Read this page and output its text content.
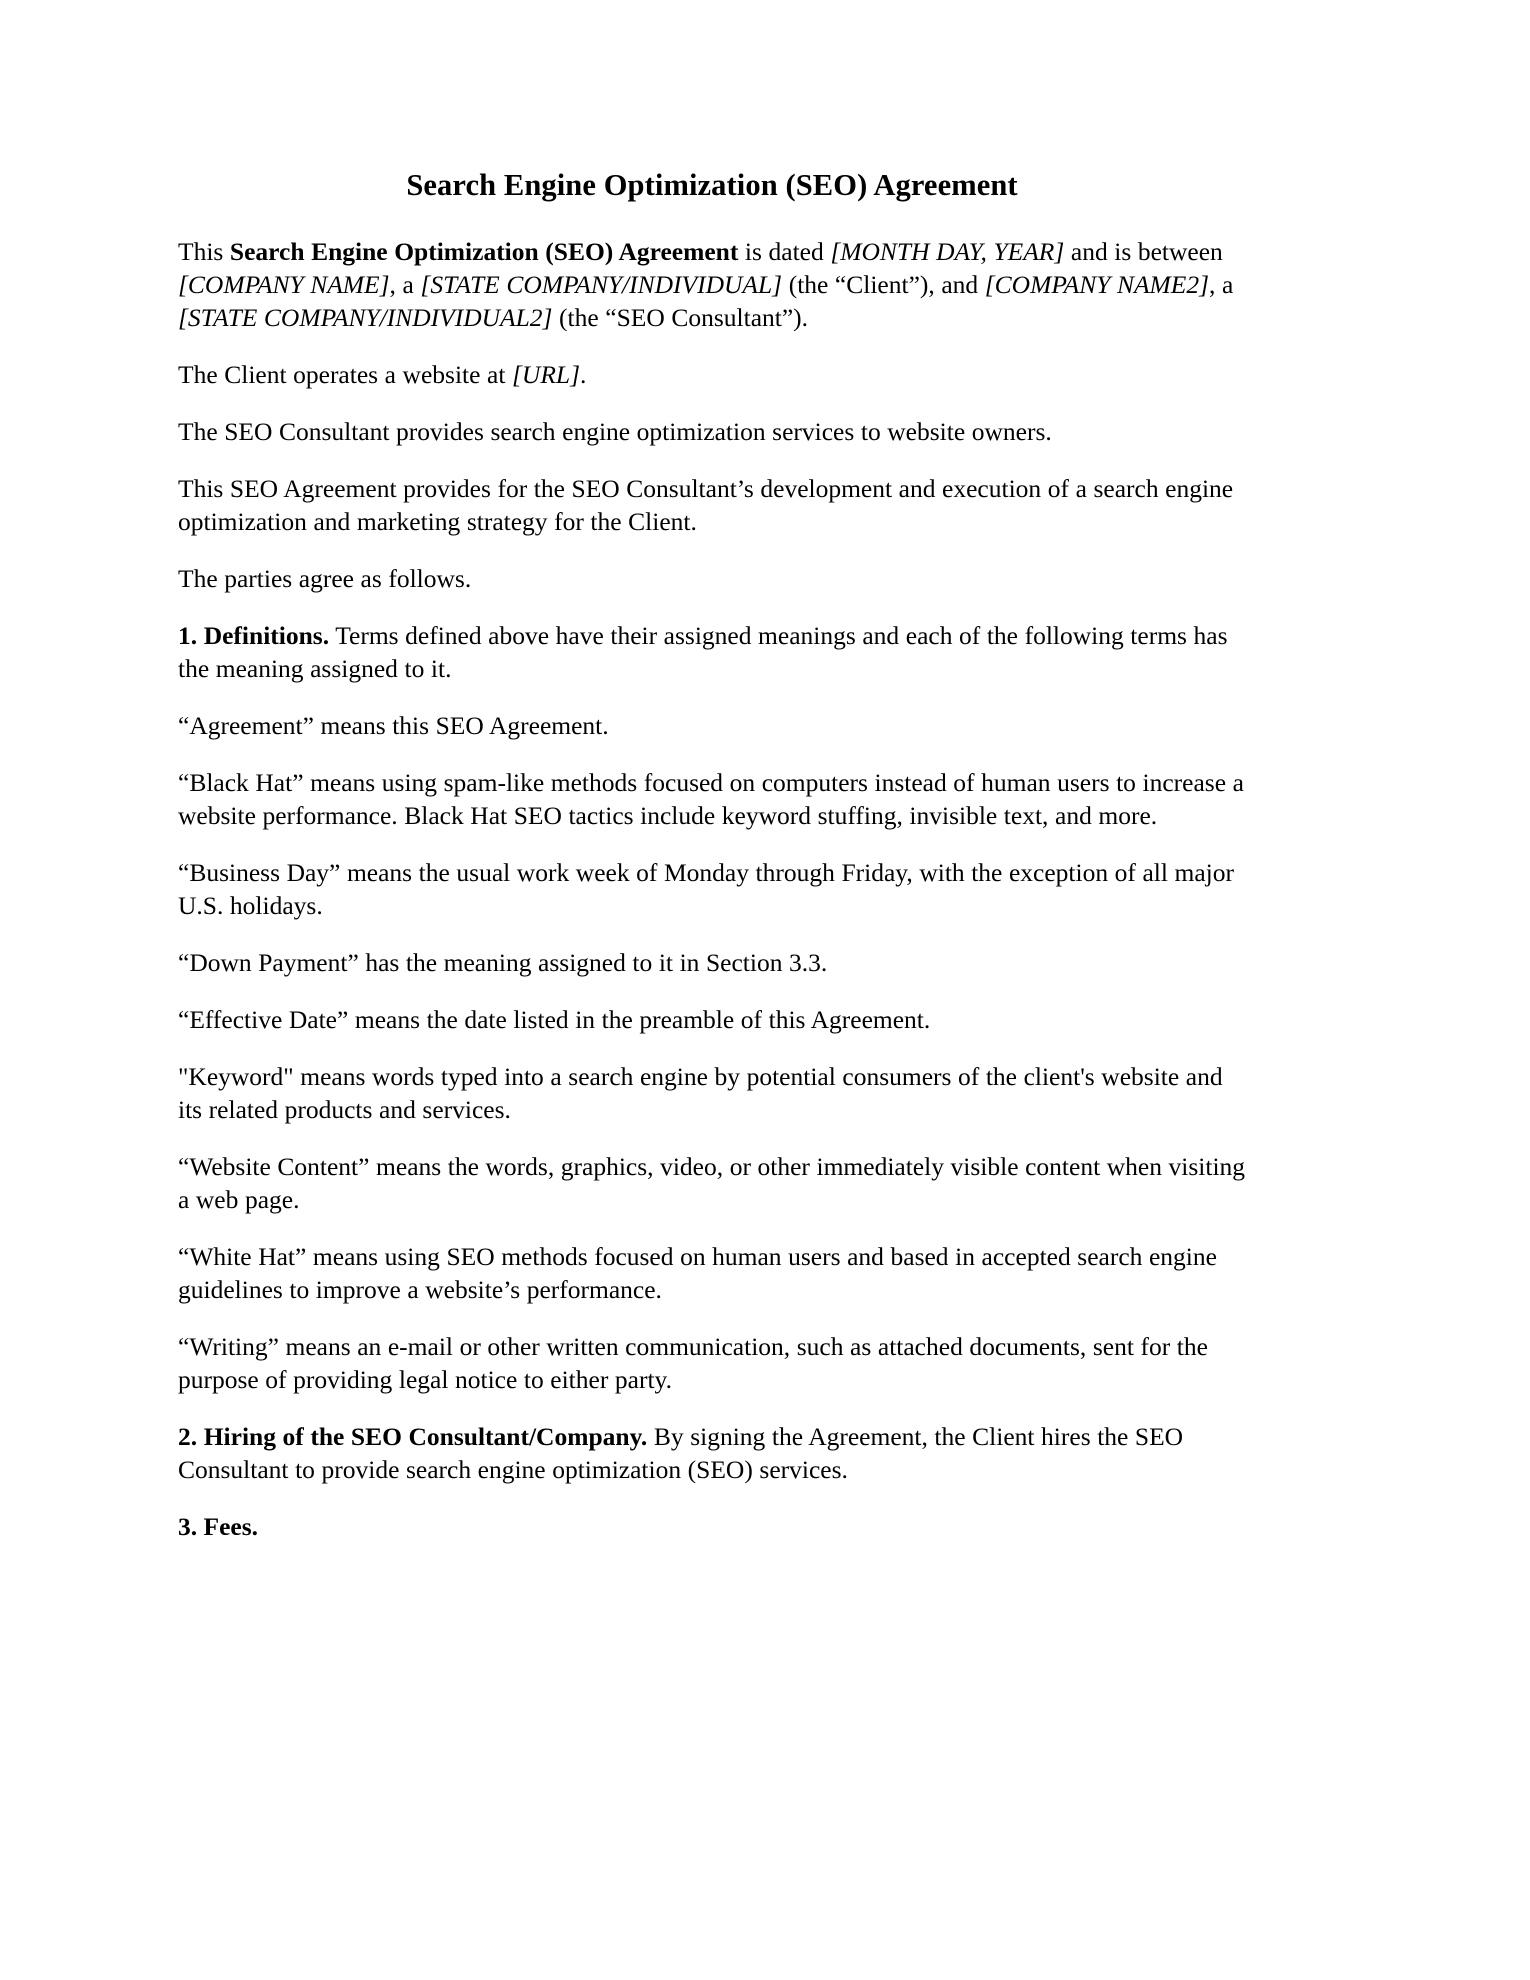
Search Engine Optimization (SEO) Agreement

This Search Engine Optimization (SEO) Agreement is dated [MONTH DAY, YEAR] and is between [COMPANY NAME], a [STATE COMPANY/INDIVIDUAL] (the “Client”), and [COMPANY NAME2], a [STATE COMPANY/INDIVIDUAL2] (the “SEO Consultant”).

The Client operates a website at [URL].

The SEO Consultant provides search engine optimization services to website owners.

This SEO Agreement provides for the SEO Consultant’s development and execution of a search engine optimization and marketing strategy for the Client.

The parties agree as follows.

1. Definitions. Terms defined above have their assigned meanings and each of the following terms has the meaning assigned to it.

“Agreement” means this SEO Agreement.

“Black Hat” means using spam-like methods focused on computers instead of human users to increase a website performance. Black Hat SEO tactics include keyword stuffing, invisible text, and more.

“Business Day” means the usual work week of Monday through Friday, with the exception of all major U.S. holidays.

“Down Payment” has the meaning assigned to it in Section 3.3.

“Effective Date” means the date listed in the preamble of this Agreement.

"Keyword" means words typed into a search engine by potential consumers of the client's website and its related products and services.

“Website Content” means the words, graphics, video, or other immediately visible content when visiting a web page.

“White Hat” means using SEO methods focused on human users and based in accepted search engine guidelines to improve a website’s performance.

“Writing” means an e-mail or other written communication, such as attached documents, sent for the purpose of providing legal notice to either party.

2. Hiring of the SEO Consultant/Company. By signing the Agreement, the Client hires the SEO Consultant to provide search engine optimization (SEO) services.

3. Fees.
